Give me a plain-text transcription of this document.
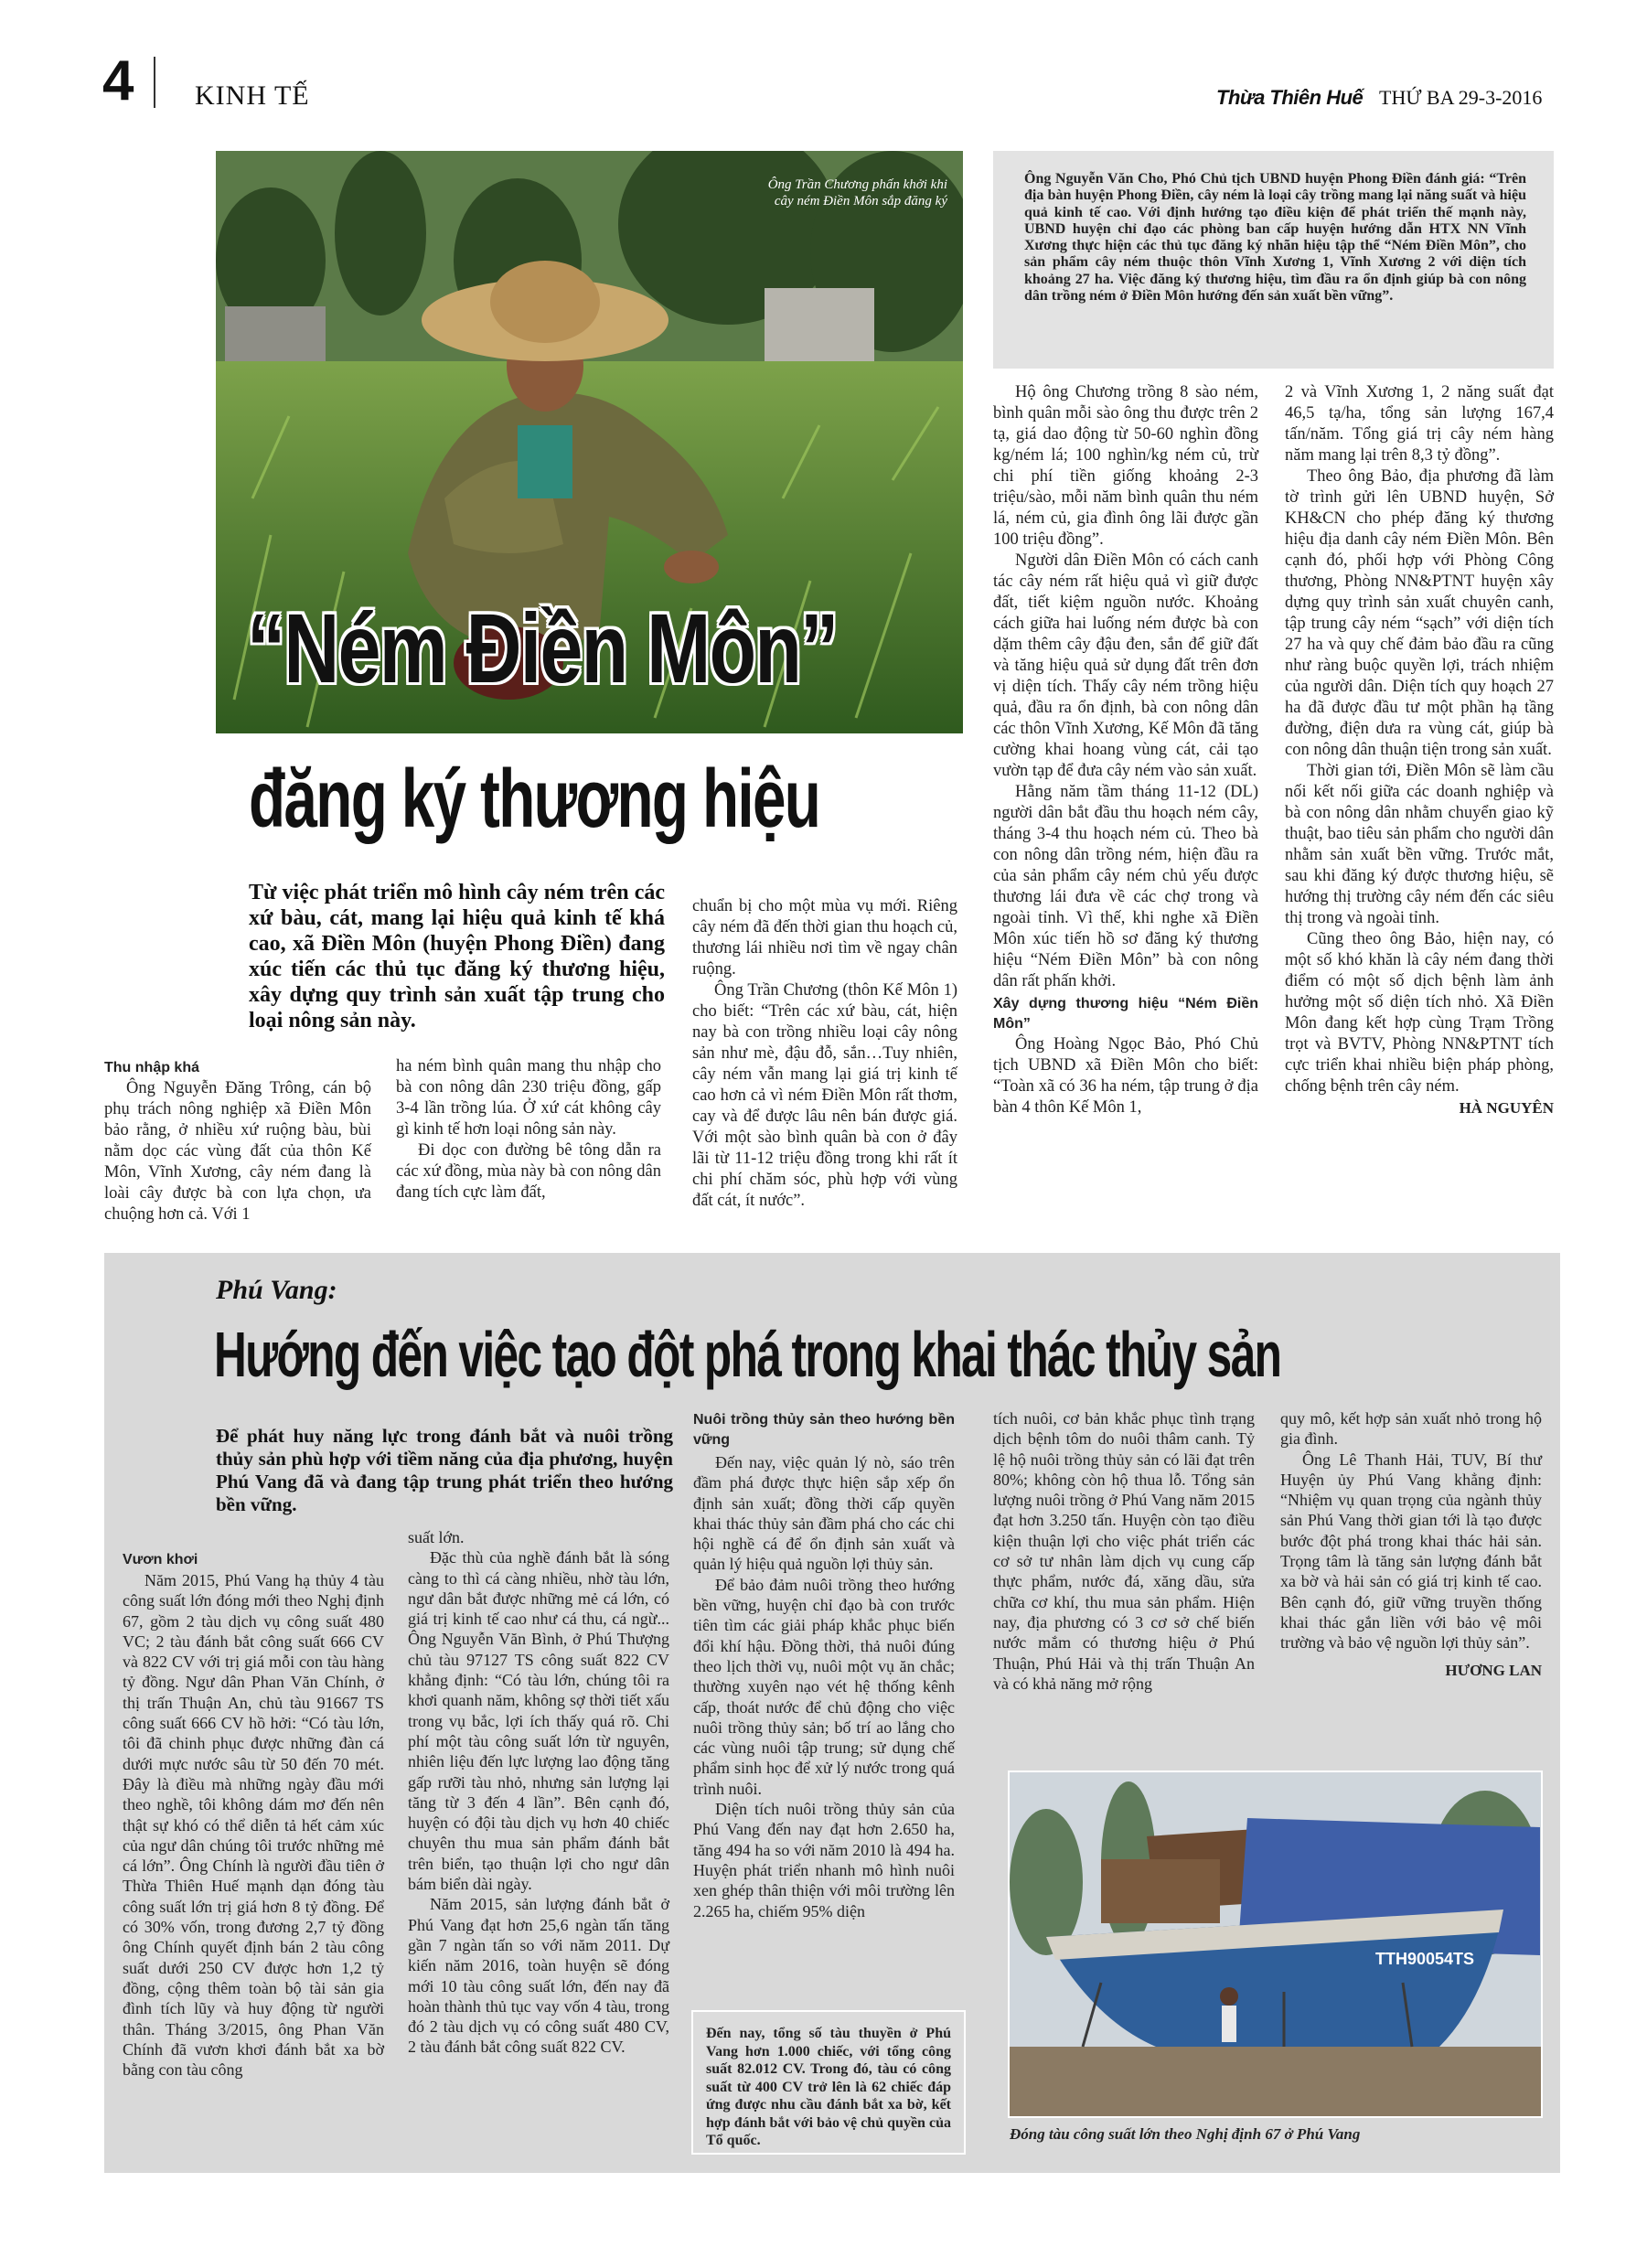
4 KINH TẾ	Thừa Thiên Huế THỨ BA 29-3-2016
Ông Trần Chương phấn khởi khi cây ném Điền Môn sắp đăng ký
“Ném Điền Môn”
đăng ký thương hiệu
Ông Nguyễn Văn Cho, Phó Chủ tịch UBND huyện Phong Điền đánh giá: “Trên địa bàn huyện Phong Điền, cây ném là loại cây trồng mang lại năng suất và hiệu quả kinh tế cao. Với định hướng tạo điều kiện để phát triển thế mạnh này, UBND huyện chỉ đạo các phòng ban cấp huyện hướng dẫn HTX NN Vĩnh Xương thực hiện các thủ tục đăng ký nhãn hiệu tập thể “Ném Điền Môn”, cho sản phẩm cây ném thuộc thôn Vĩnh Xương 1, Vĩnh Xương 2 với diện tích khoảng 27 ha. Việc đăng ký thương hiệu, tìm đầu ra ổn định giúp bà con nông dân trồng ném ở Điền Môn hướng đến sản xuất bền vững”.
Từ việc phát triển mô hình cây ném trên các xứ bàu, cát, mang lại hiệu quả kinh tế khá cao, xã Điền Môn (huyện Phong Điền) đang xúc tiến các thủ tục đăng ký thương hiệu, xây dựng quy trình sản xuất tập trung cho loại nông sản này.
Thu nhập khá

Ông Nguyễn Đăng Trông, cán bộ phụ trách nông nghiệp xã Điền Môn bảo rằng, ở nhiều xứ ruộng bàu, bùi nằm dọc các vùng đất của thôn Kế Môn, Vĩnh Xương, cây ném đang là loài cây được bà con lựa chọn, ưa chuộng hơn cả. Với 1

ha ném bình quân mang thu nhập cho bà con nông dân 230 triệu đồng, gấp 3-4 lần trồng lúa. Ở xứ cát không cây gì kinh tế hơn loại nông sản này.

Đi dọc con đường bê tông dẫn ra các xứ đồng, mùa này bà con nông dân đang tích cực làm đất,

chuẩn bị cho một mùa vụ mới. Riêng cây ném đã đến thời gian thu hoạch củ, thương lái nhiều nơi tìm về ngay chân ruộng.

Ông Trần Chương (thôn Kế Môn 1) cho biết: “Trên các xứ bàu, cát, hiện nay bà con trồng nhiều loại cây nông sản như mè, đậu đỗ, sắn…Tuy nhiên, cây ném vẫn mang lại giá trị kinh tế cao hơn cả vì ném Điền Môn rất thơm, cay và để được lâu nên bán được giá. Với một sào bình quân bà con ở đây lãi từ 11-12 triệu đồng trong khi rất ít chi phí chăm sóc, phù hợp với vùng đất cát, ít nước”.

Hộ ông Chương trồng 8 sào ném, bình quân mỗi sào ông thu được trên 2 tạ, giá dao động từ 50-60 nghìn đồng kg/ném lá; 100 nghìn/kg ném củ, trừ chi phí tiền giống khoảng 2-3 triệu/sào, mỗi năm bình quân thu ném lá, ném củ, gia đình ông lãi được gần 100 triệu đồng”.

Người dân Điền Môn có cách canh tác cây ném rất hiệu quả vì giữ được đất, tiết kiệm nguồn nước. Khoảng cách giữa hai luống ném được bà con dặm thêm cây đậu đen, sắn để giữ đất và tăng hiệu quả sử dụng đất trên đơn vị diện tích. Thấy cây ném trồng hiệu quả, đầu ra ổn định, bà con nông dân các thôn Vĩnh Xương, Kế Môn đã tăng cường khai hoang vùng cát, cải tạo vườn tạp để đưa cây ném vào sản xuất.

Hằng năm tầm tháng 11-12 (DL) người dân bắt đầu thu hoạch ném cây, tháng 3-4 thu hoạch ném củ. Theo bà con nông dân trồng ném, hiện đầu ra của sản phẩm cây ném chủ yếu được thương lái đưa về các chợ trong và ngoài tỉnh. Vì thế, khi nghe xã Điền Môn xúc tiến hồ sơ đăng ký thương hiệu “Ném Điền Môn” bà con nông dân rất phấn khởi.

Xây dựng thương hiệu “Ném Điền Môn”

Ông Hoàng Ngọc Bảo, Phó Chủ tịch UBND xã Điền Môn cho biết: “Toàn xã có 36 ha ném, tập trung ở địa bàn 4 thôn Kế Môn 1,

2 và Vĩnh Xương 1, 2 năng suất đạt 46,5 tạ/ha, tổng sản lượng 167,4 tấn/năm. Tổng giá trị cây ném hàng năm mang lại trên 8,3 tỷ đồng”.

Theo ông Bảo, địa phương đã làm tờ trình gửi lên UBND huyện, Sở KH&CN cho phép đăng ký thương hiệu địa danh cây ném Điền Môn. Bên cạnh đó, phối hợp với Phòng Công thương, Phòng NN&PTNT huyện xây dựng quy trình sản xuất chuyên canh, tập trung cây ném “sạch” với diện tích 27 ha và quy chế đảm bảo đầu ra cũng như ràng buộc quyền lợi, trách nhiệm của người dân. Diện tích quy hoạch 27 ha đã được đầu tư một phần hạ tầng đường, điện dưa ra vùng cát, giúp bà con nông dân thuận tiện trong sản xuất.

Thời gian tới, Điền Môn sẽ làm cầu nối kết nối giữa các doanh nghiệp và bà con nông dân nhằm chuyển giao kỹ thuật, bao tiêu sản phẩm cho người dân nhằm sản xuất bền vững. Trước mắt, sau khi đăng ký được thương hiệu, sẽ hướng thị trường cây ném đến các siêu thị trong và ngoài tỉnh.

Cũng theo ông Bảo, hiện nay, có một số khó khăn là cây ném đang thời điểm có một số dịch bệnh làm ảnh hưởng một số diện tích nhỏ. Xã Điền Môn đang kết hợp cùng Trạm Trồng trọt và BVTV, Phòng NN&PTNT tích cực triển khai nhiều biện pháp phòng, chống bệnh trên cây ném.

HÀ NGUYÊN
Phú Vang:
Hướng đến việc tạo đột phá trong khai thác thủy sản
Để phát huy năng lực trong đánh bắt và nuôi trồng thủy sản phù hợp với tiềm năng của địa phương, huyện Phú Vang đã và đang tập trung phát triển theo hướng bền vững.
Vươn khơi

Năm 2015, Phú Vang hạ thủy 4 tàu công suất lớn đóng mới theo Nghị định 67, gồm 2 tàu dịch vụ công suất 480 VC; 2 tàu đánh bắt công suất 666 CV và 822 CV với trị giá mỗi con tàu hàng tỷ đồng. Ngư dân Phan Văn Chính, ở thị trấn Thuận An, chủ tàu 91667 TS công suất 666 CV hồ hởi: “Có tàu lớn, tôi đã chinh phục được những đàn cá dưới mực nước sâu từ 50 đến 70 mét. Đây là điều mà những ngày đầu mới theo nghề, tôi không dám mơ đến nên thật sự khó có thể diễn tả hết cảm xúc của ngư dân chúng tôi trước những mẻ cá lớn”. Ông Chính là người đầu tiên ở Thừa Thiên Huế mạnh dạn đóng tàu công suất lớn trị giá hơn 8 tỷ đồng. Để có 30% vốn, trong đương 2,7 tỷ đồng ông Chính quyết định bán 2 tàu công suất dưới 250 CV được hơn 1,2 tỷ đồng, cộng thêm toàn bộ tài sản gia đình tích lũy và huy động từ người thân. Tháng 3/2015, ông Phan Văn Chính đã vươn khơi đánh bắt xa bờ bằng con tàu công

suất lớn.

Đặc thù của nghề đánh bắt là sóng càng to thì cá càng nhiều, nhờ tàu lớn, ngư dân bắt được những mẻ cá lớn, có giá trị kinh tế cao như cá thu, cá ngừ... Ông Nguyễn Văn Bình, ở Phú Thượng chủ tàu 97127 TS công suất 822 CV khẳng định: “Có tàu lớn, chúng tôi ra khơi quanh năm, không sợ thời tiết xấu trong vụ bắc, lợi ích thấy quá rõ. Chi phí một tàu công suất lớn từ nguyên, nhiên liệu đến lực lượng lao động tăng gấp rưỡi tàu nhỏ, nhưng sản lượng lại tăng từ 3 đến 4 lần”. Bên cạnh đó, huyện có đội tàu dịch vụ hơn 40 chiếc chuyên thu mua sản phẩm đánh bắt trên biển, tạo thuận lợi cho ngư dân bám biển dài ngày.

Năm 2015, sản lượng đánh bắt ở Phú Vang đạt hơn 25,6 ngàn tấn tăng gần 7 ngàn tấn so với năm 2011. Dự kiến năm 2016, toàn huyện sẽ đóng mới 10 tàu công suất lớn, đến nay đã hoàn thành thủ tục vay vốn 4 tàu, trong đó 2 tàu dịch vụ có công suất 480 CV, 2 tàu đánh bắt công suất 822 CV.

Nuôi trồng thủy sản theo hướng bền vững

Đến nay, việc quản lý nò, sáo trên đầm phá được thực hiện sắp xếp ổn định sản xuất; đồng thời cấp quyền khai thác thủy sản đầm phá cho các chi hội nghề cá để ổn định sản xuất và quản lý hiệu quả nguồn lợi thủy sản.

Để bảo đảm nuôi trồng theo hướng bền vững, huyện chỉ đạo bà con trước tiên tìm các giải pháp khắc phục biến đổi khí hậu. Đồng thời, thả nuôi đúng theo lịch thời vụ, nuôi một vụ ăn chắc; thường xuyên nạo vét hệ thống kênh cấp, thoát nước để chủ động cho việc nuôi trồng thủy sản; bố trí ao lắng cho các vùng nuôi tập trung; sử dụng chế phẩm sinh học để xử lý nước trong quá trình nuôi.

Diện tích nuôi trồng thủy sản của Phú Vang đến nay đạt hơn 2.650 ha, tăng 494 ha so với năm 2010 là 494 ha. Huyện phát triển nhanh mô hình nuôi xen ghép thân thiện với môi trường lên 2.265 ha, chiếm 95% diện

Đến nay, tổng số tàu thuyền ở Phú Vang hơn 1.000 chiếc, với tổng công suất 82.012 CV. Trong đó, tàu có công suất từ 400 CV trở lên là 62 chiếc đáp ứng được nhu cầu đánh bắt xa bờ, kết hợp đánh bắt với bảo vệ chủ quyền của Tổ quốc.

tích nuôi, cơ bản khắc phục tình trạng dịch bệnh tôm do nuôi thâm canh. Tỷ lệ hộ nuôi trồng thủy sản có lãi đạt trên 80%; không còn hộ thua lỗ. Tổng sản lượng nuôi trồng ở Phú Vang năm 2015 đạt hơn 3.250 tấn. Huyện còn tạo điều kiện thuận lợi cho việc phát triển các cơ sở tư nhân làm dịch vụ cung cấp thực phẩm, nước đá, xăng dầu, sửa chữa cơ khí, thu mua sản phẩm. Hiện nay, địa phương có 3 cơ sở chế biến nước mắm có thương hiệu ở Phú Thuận, Phú Hải và thị trấn Thuận An và có khả năng mở rộng

quy mô, kết hợp sản xuất nhỏ trong hộ gia đình.

Ông Lê Thanh Hải, TUV, Bí thư Huyện ủy Phú Vang khẳng định: “Nhiệm vụ quan trọng của ngành thủy sản Phú Vang thời gian tới là tạo được bước đột phá trong khai thác hải sản. Trọng tâm là tăng sản lượng đánh bắt xa bờ và hải sản có giá trị kinh tế cao. Bên cạnh đó, giữ vững truyền thống khai thác gắn liền với bảo vệ môi trường và bảo vệ nguồn lợi thủy sản”.

HƯƠNG LAN
TTH90054TS
Đóng tàu công suất lớn theo Nghị định 67 ở Phú Vang
